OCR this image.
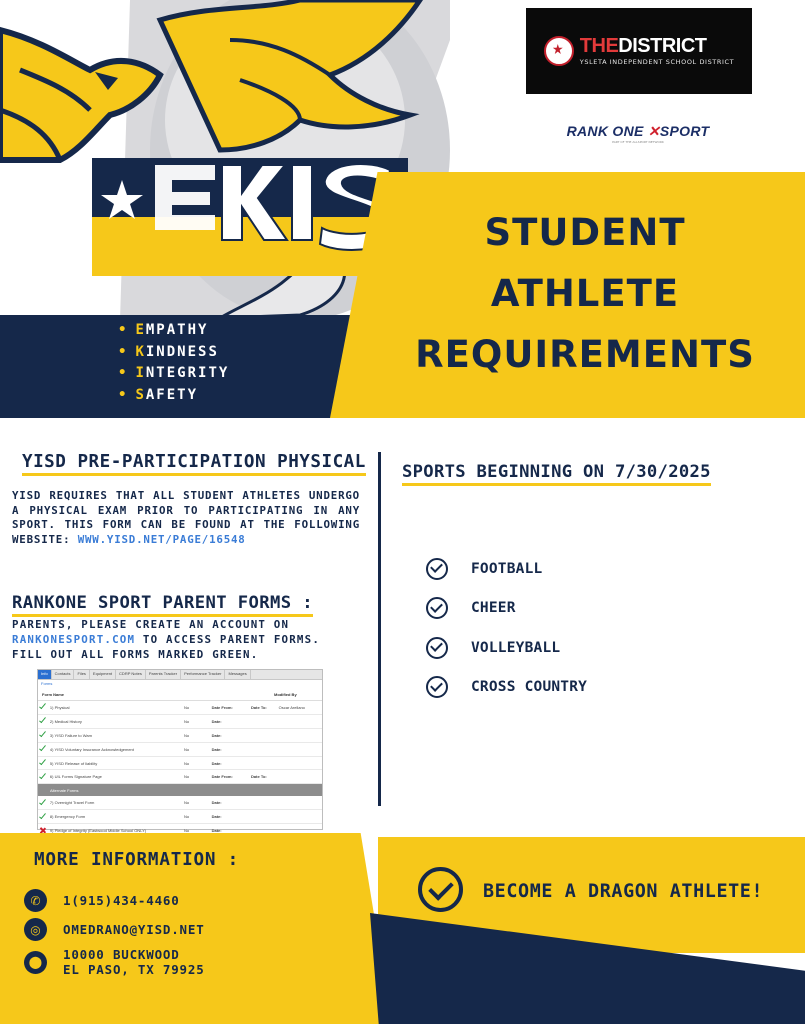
• E MPATHY
• K INDNESS
• I NTEGRITY
• S AFETY
STUDENT
ATHLETE
REQUIREMENTS
THEDISTRICT
YSLETA INDEPENDENT SCHOOL DISTRICT
RANK ONE ✕SPORT
PART OF THE ALLSPORT NETWORK
YISD PRE-PARTICIPATION PHYSICAL
YISD REQUIRES THAT ALL STUDENT ATHLETES UNDERGO A PHYSICAL EXAM PRIOR TO PARTICIPATING IN ANY SPORT. THIS FORM CAN BE FOUND AT THE FOLLOWING WEBSITE: WWW.YISD.NET/PAGE/16548
RANKONE SPORT PARENT FORMS :
PARENTS, PLEASE CREATE AN ACCOUNT ON RANKONESPORT.COM TO ACCESS PARENT FORMS. FILL OUT ALL FORMS MARKED GREEN.
SPORTS BEGINNING ON 7/30/2025
FOOTBALL
CHEER
VOLLEYBALL
CROSS COUNTRY
Info	Contacts	Files	Equipment	CDRP Notes	Parents Tracker	Performance Tracker	Messages
Forms
Form Name	Modified By
1) Physical	No	Date From:	Date To:	Oscar Arellano
2) Medical History	No	Date:
3) YISD Failure to Warn	No	Date:
4) YISD Voluntary Insurance Acknowledgement	No	Date:
5) YISD Release of liability	No	Date:
6) UIL Forms Signature Page	No	Date From:	Date To:
Alternate Forms
7) Overnight Travel Form	No	Date:
8) Emergency Form	No	Date:
9) Pledge of Integrity (Eastwood Middle School ONLY)	No	Date:
MORE INFORMATION :
✆	1(915)434-4460
◎	OMEDRANO@YISD.NET
⬤	10000 BUCKWOOD
EL PASO, TX 79925
BECOME A DRAGON ATHLETE!
